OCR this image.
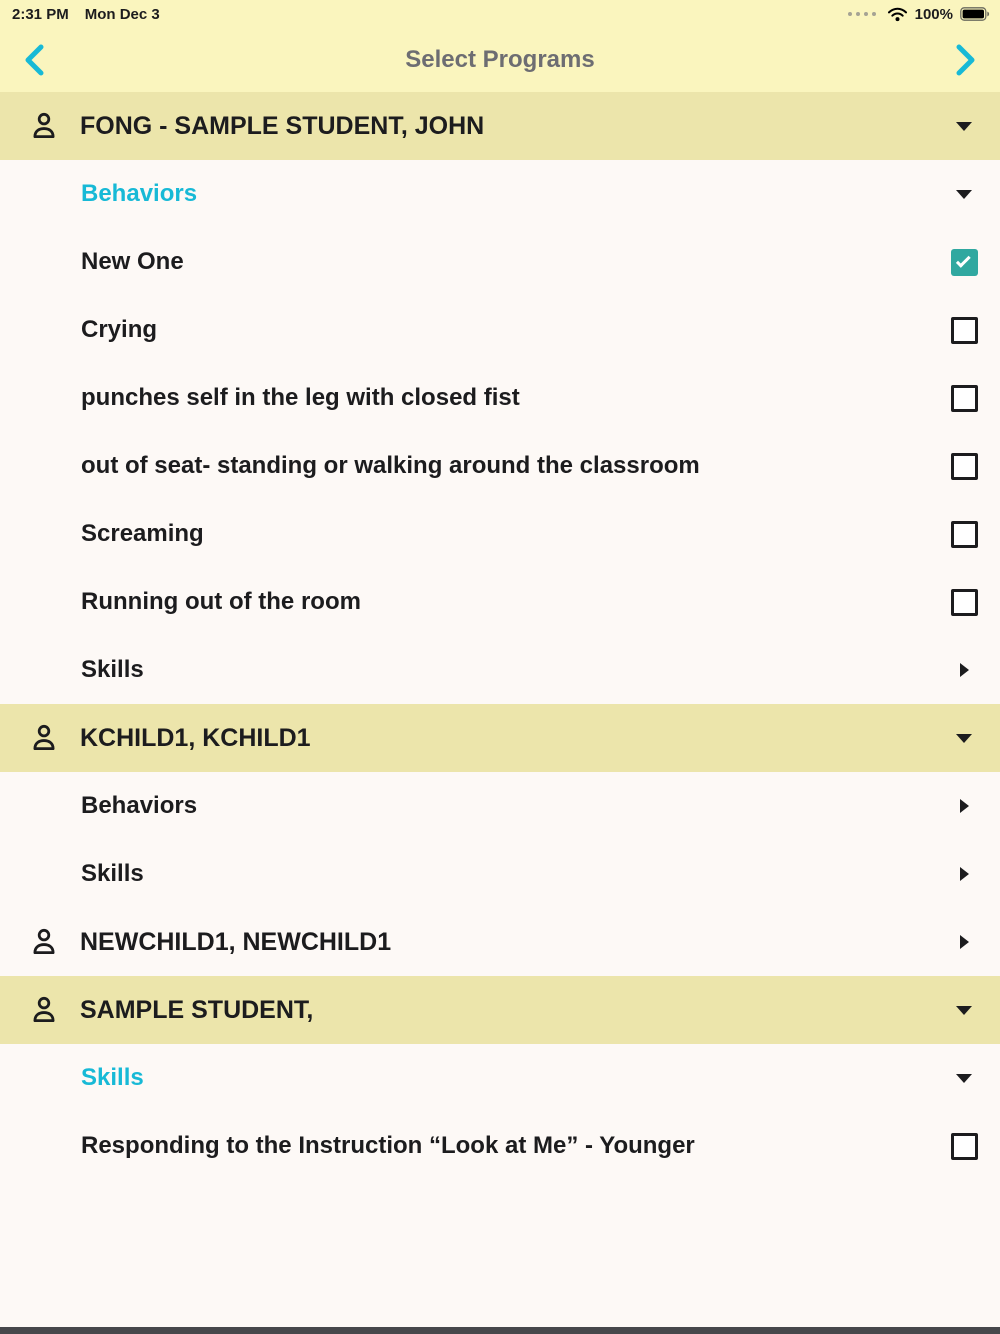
2:31 PM Mon Dec 3	100%
Select Programs
FONG - SAMPLE STUDENT, JOHN
Behaviors
New One
Crying
punches self in the leg with closed fist
out of seat- standing or walking around the classroom
Screaming
Running out of the room
Skills
KCHILD1, KCHILD1
Behaviors
Skills
NEWCHILD1, NEWCHILD1
SAMPLE STUDENT,
Skills
Responding to the Instruction “Look at Me” - Younger
